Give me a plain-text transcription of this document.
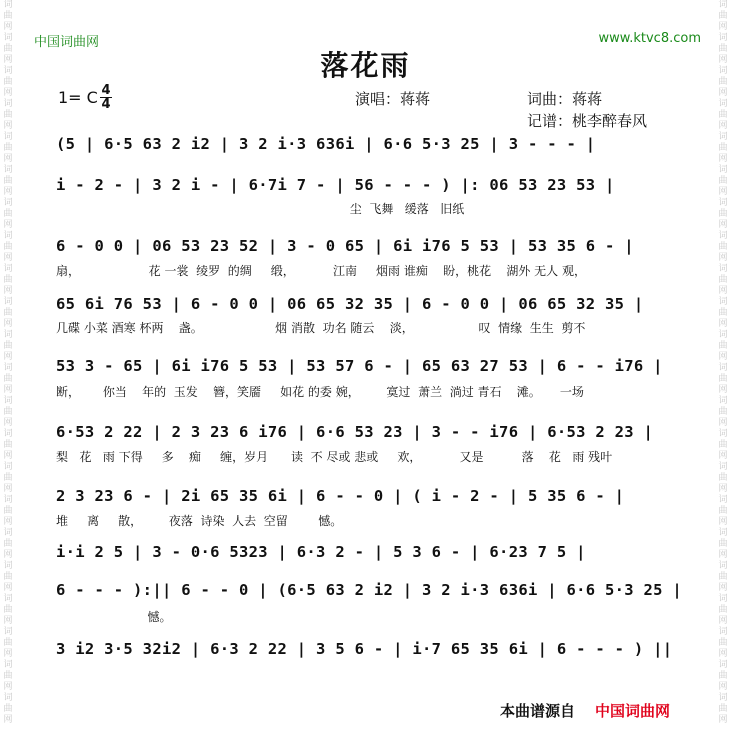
词曲网词曲网词曲网词曲网词曲网词曲网词曲网词曲网词曲网词曲网词曲网词曲网词曲网词曲网词曲网词曲网词曲网词曲网词曲网词曲网词曲网词曲网
词曲网词曲网词曲网词曲网词曲网词曲网词曲网词曲网词曲网词曲网词曲网词曲网词曲网词曲网词曲网词曲网词曲网词曲网词曲网词曲网词曲网词曲网
中国词曲网	www.ktvc8.com
落花雨
1= C 4
4	演唱：蒋蒋	词曲：蒋蒋
记谱：桃李醉春风
(5 | 6·5 63 2 i2 | 3 2 i·3 636i | 6·6 5·3 25 | 3 - - - |
i - 2 - | 3 2 i - | 6·7i 7 - | 56 - - - ) |: 06 53 23 53 |
尘  飞舞   缓落   旧纸
6 - 0 0 | 06 53 23 52 | 3 - 0 65 | 6i i76 5 53 | 53 35 6 - |
扇，                  花 一裳  绫罗  的绸     缎，          江南     烟雨 谁痴    盼，桃花    湖外 无人 观，
65 6i 76 53 | 6 - 0 0 | 06 65 32 35 | 6 - 0 0 | 06 65 32 35 |
几碟 小菜 酒寒 杯两    盏。                   烟 消散  功名 随云    淡，                 叹  情缘  生生  剪不
53 3 - 65 | 6i i76 5 53 | 53 57 6 - | 65 63 27 53 | 6 - - i76 |
断，      你当    年的  玉发    簪，笑靥     如花 的委 婉，       寞过  萧兰  淌过 青石    滩。     一场
6·53 2 22 | 2 3 23 6 i76 | 6·6 53 23 | 3 - - i76 | 6·53 2 23 |
梨   花   雨 下得     多    痴     缠，岁月      读  不 尽或 悲或     欢，          又是          落    花   雨 残叶
2 3 23 6 - | 2i 65 35 6i | 6 - - 0 | ( i - 2 - | 5 35 6 - |
堆     离     散，       夜落  诗染  人去  空留        憾。
i·i 2 5 | 3 - 0·6 5323 | 6·3 2 - | 5 3 6 - | 6·23 7 5 |
6 - - - ):|| 6 - - 0 | (6·5 63 2 i2 | 3 2 i·3 636i | 6·6 5·3 25 |
憾。
3 i2 3·5 32i2 | 6·3 2 22 | 3 5 6 - | i·7 65 35 6i | 6 - - - ) ||
本曲谱源自 中国词曲网
